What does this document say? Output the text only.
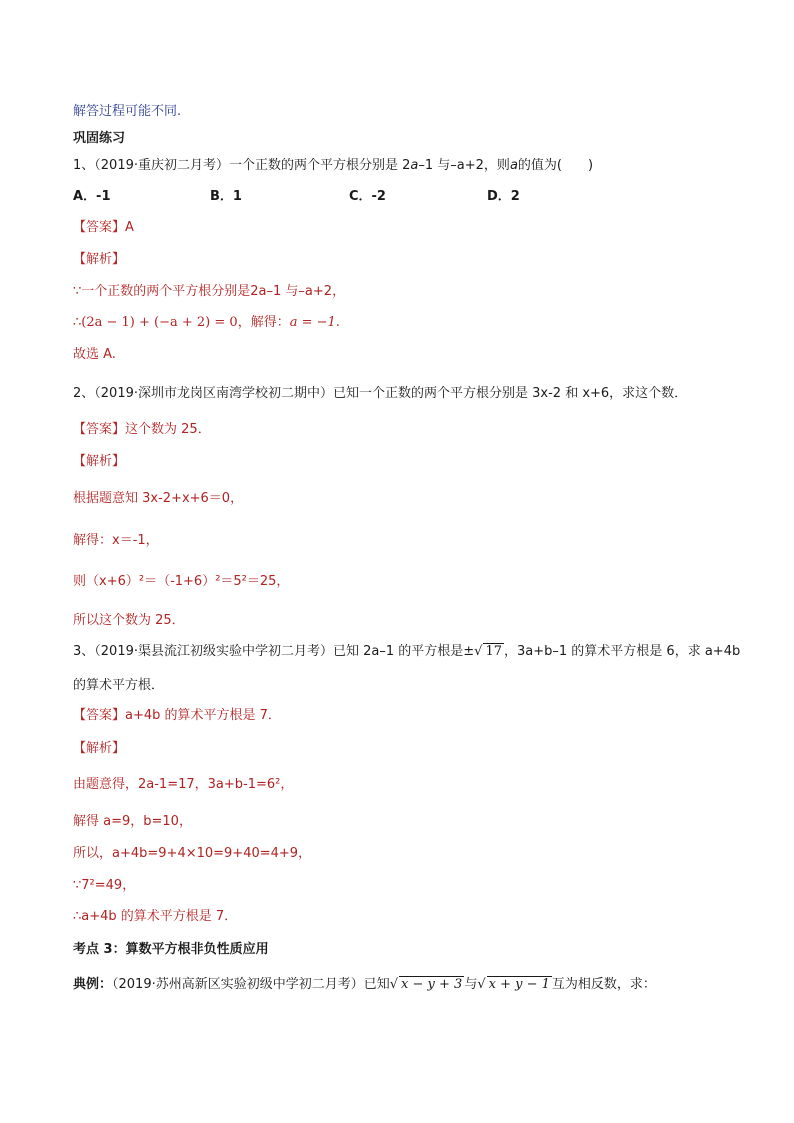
解答过程可能不同.
巩固练习
1、（2019·重庆初二月考）一个正数的两个平方根分别是 2a–1 与–a+2，则a的值为(　　)
A．-1	B．1	C．-2	D．2
【答案】A
【解析】
∵一个正数的两个平方根分别是2a–1 与–a+2，
∴(2a − 1) + (−a + 2) = 0，解得：a = −1.
故选 A.
2、（2019·深圳市龙岗区南湾学校初二期中）已知一个正数的两个平方根分别是 3x-2 和 x+6，求这个数．
【答案】这个数为 25．
【解析】
根据题意知 3x-2+x+6＝0，
解得：x＝-1，
则（x+6）²＝（-1+6）²＝5²＝25，
所以这个数为 25．
3、（2019·渠县流江初级实验中学初二月考）已知 2a–1 的平方根是±√ 17 ，3a+b–1 的算术平方根是 6，求 a+4b
的算术平方根．
【答案】a+4b 的算术平方根是 7．
【解析】
由题意得，2a-1=17，3a+b-1=6²，
解得 a=9，b=10，
所以，a+4b=9+4×10=9+40=4+9，
∵7²=49，
∴a+4b 的算术平方根是 7．
考点 3：算数平方根非负性质应用
典例：（2019·苏州高新区实验初级中学初二月考）已知√ x − y + 3 与√ x + y − 1 互为相反数，求：
